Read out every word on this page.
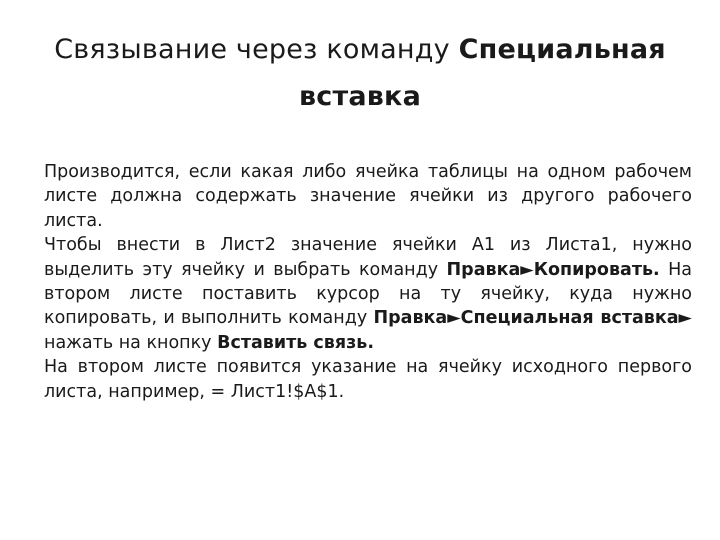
Связывание через команду Специальная вставка

Производится, если какая либо ячейка таблицы на одном рабочем листе должна содержать значение ячейки из другого рабочего листа.

Чтобы внести в Лист2 значение ячейки А1 из Листа1, нужно выделить эту ячейку и выбрать команду Правка►Копировать. На втором листе поставить курсор на ту ячейку, куда нужно копировать, и выполнить команду Правка►Специальная вставка► нажать на кнопку Вставить связь.

На втором листе появится указание на ячейку исходного первого листа, например, = Лист1!$A$1.
